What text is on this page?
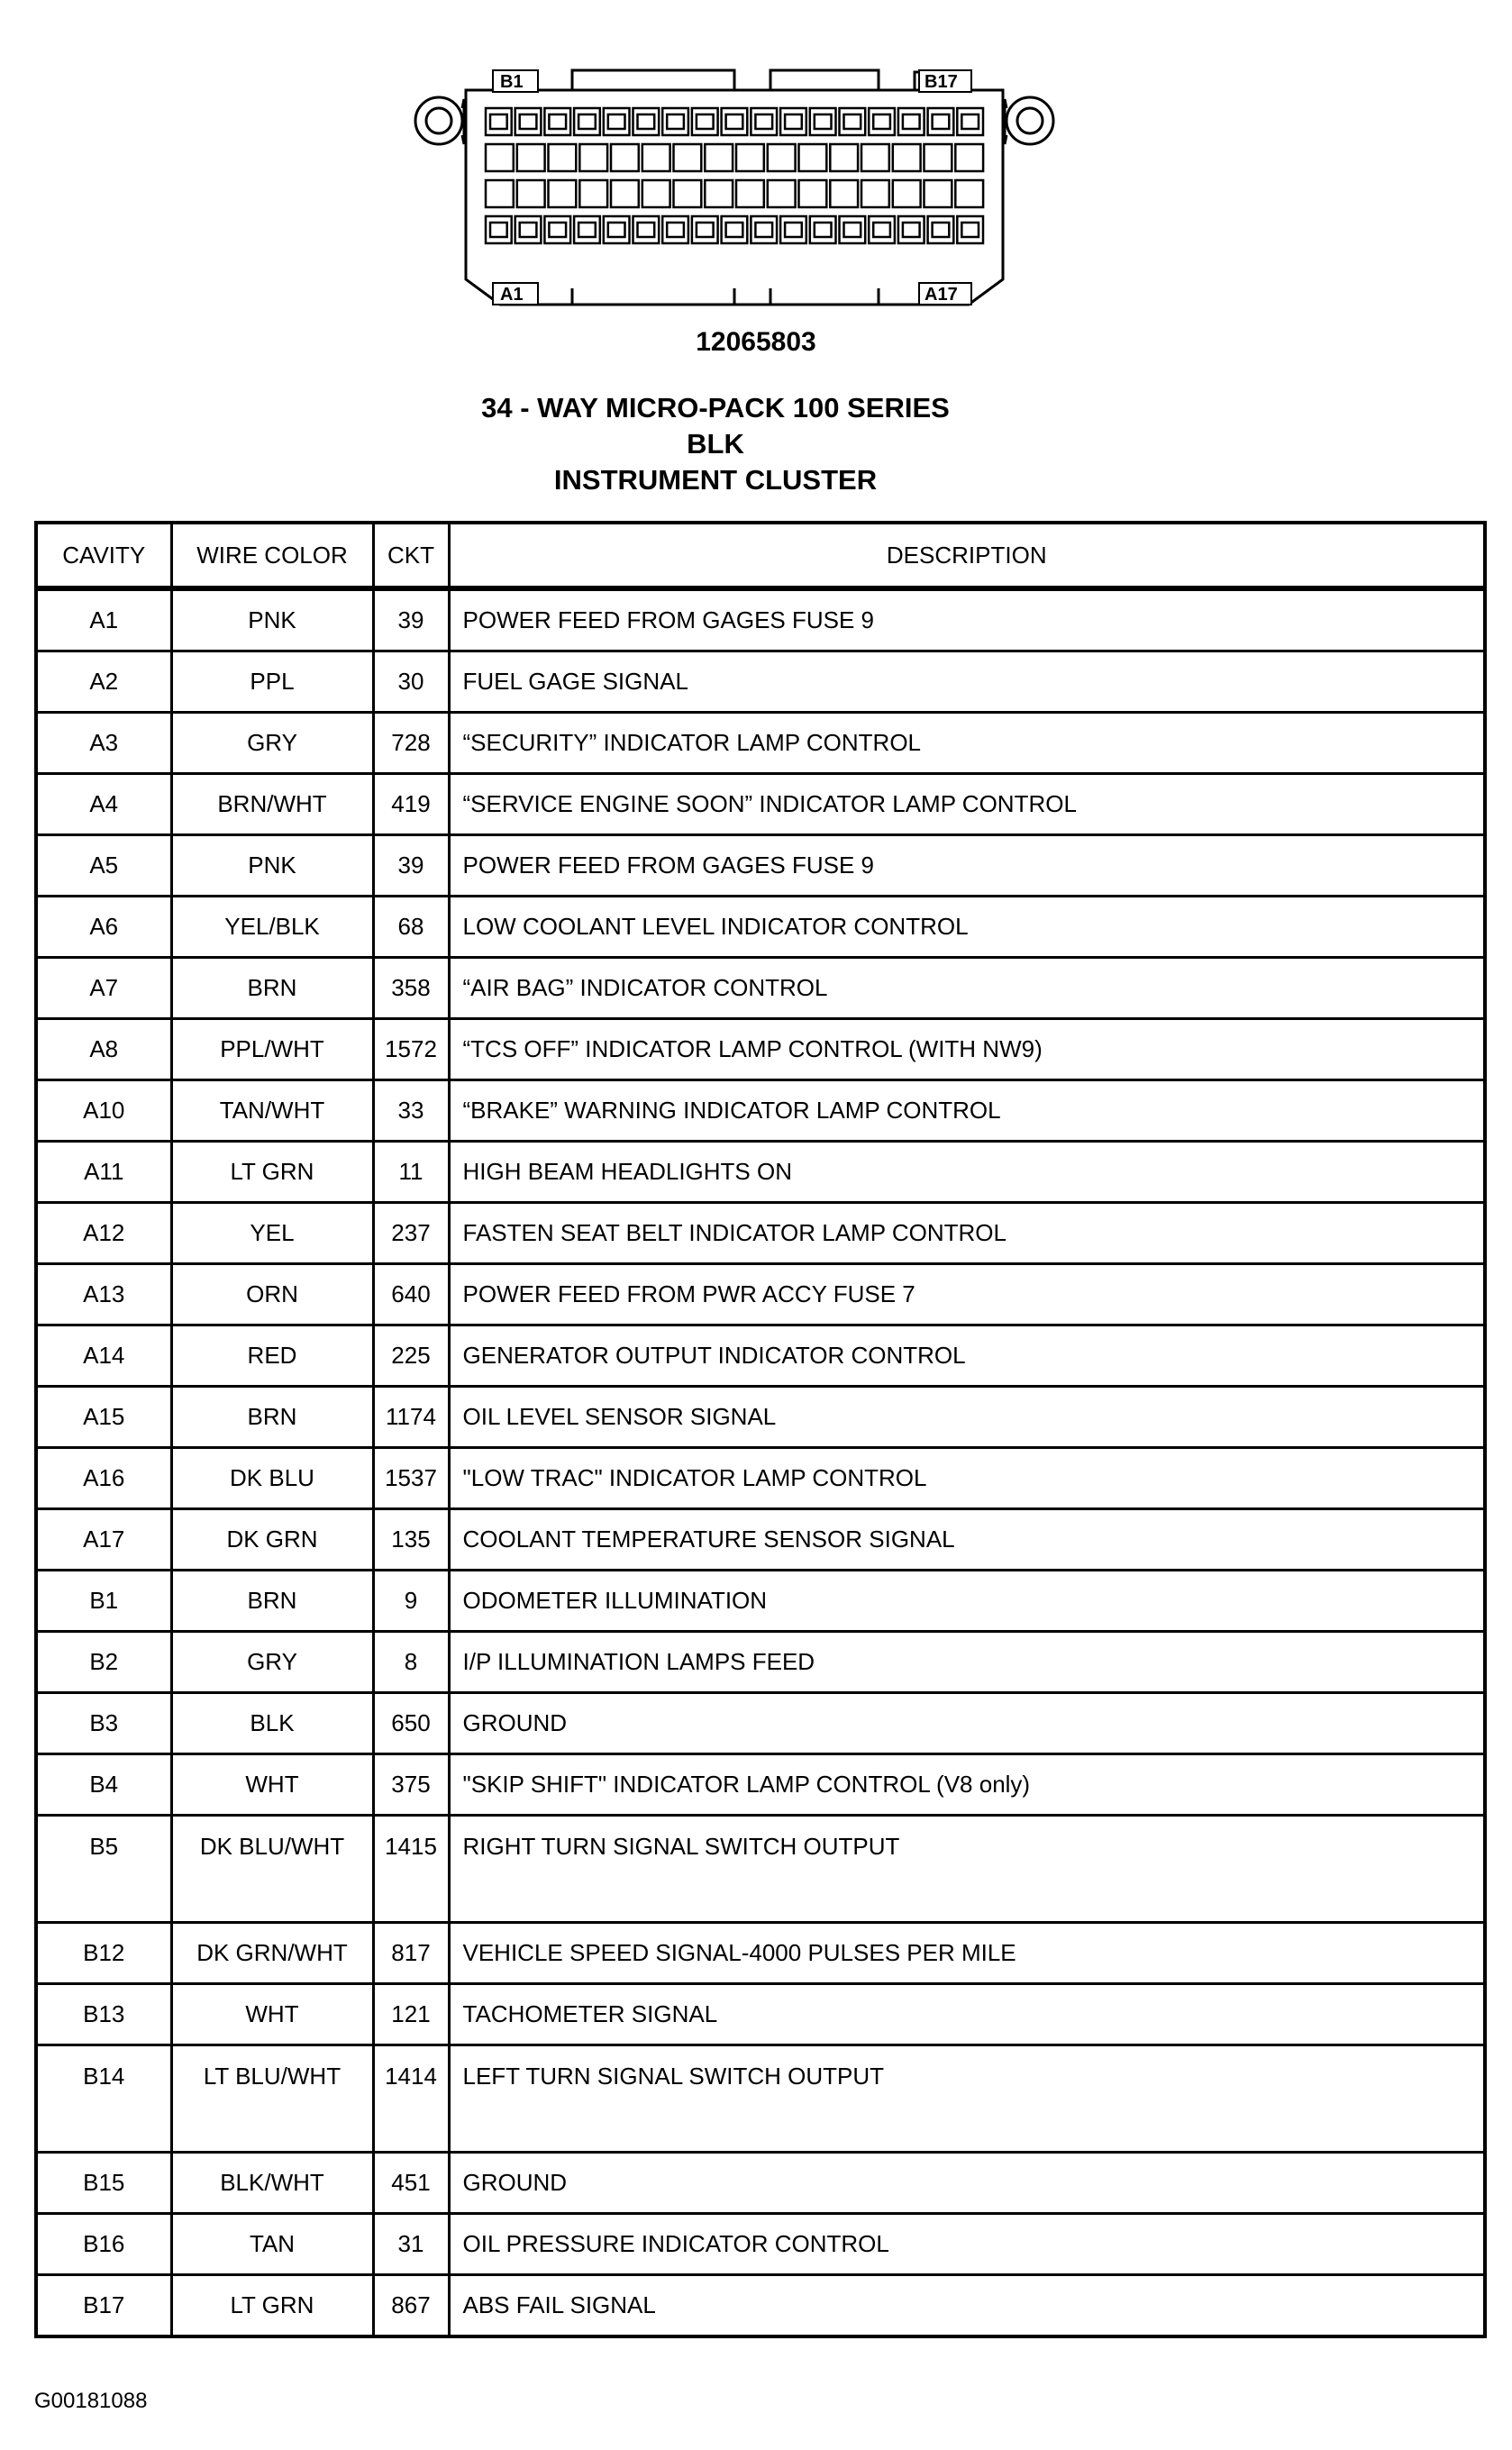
B1	B17
A1	A17
12065803
34 - WAY MICRO-PACK 100 SERIES
BLK
INSTRUMENT CLUSTER
CAVITY	WIRE COLOR	CKT	DESCRIPTION
A1	PNK	39	POWER FEED FROM GAGES FUSE 9
A2	PPL	30	FUEL GAGE SIGNAL
A3	GRY	728	“SECURITY” INDICATOR LAMP CONTROL
A4	BRN/WHT	419	“SERVICE ENGINE SOON” INDICATOR LAMP CONTROL
A5	PNK	39	POWER FEED FROM GAGES FUSE 9
A6	YEL/BLK	68	LOW COOLANT LEVEL INDICATOR CONTROL
A7	BRN	358	“AIR BAG” INDICATOR CONTROL
A8	PPL/WHT	1572	“TCS OFF” INDICATOR LAMP CONTROL (WITH NW9)
A10	TAN/WHT	33	“BRAKE” WARNING INDICATOR LAMP CONTROL
A11	LT GRN	11	HIGH BEAM HEADLIGHTS ON
A12	YEL	237	FASTEN SEAT BELT INDICATOR LAMP CONTROL
A13	ORN	640	POWER FEED FROM PWR ACCY FUSE 7
A14	RED	225	GENERATOR OUTPUT INDICATOR CONTROL
A15	BRN	1174	OIL LEVEL SENSOR SIGNAL
A16	DK BLU	1537	"LOW TRAC" INDICATOR LAMP CONTROL
A17	DK GRN	135	COOLANT TEMPERATURE SENSOR SIGNAL
B1	BRN	9	ODOMETER ILLUMINATION
B2	GRY	8	I/P ILLUMINATION LAMPS FEED
B3	BLK	650	GROUND
B4	WHT	375	"SKIP SHIFT" INDICATOR LAMP CONTROL (V8 only)
B5	DK BLU/WHT	1415	RIGHT TURN SIGNAL SWITCH OUTPUT
B12	DK GRN/WHT	817	VEHICLE SPEED SIGNAL-4000 PULSES PER MILE
B13	WHT	121	TACHOMETER SIGNAL
B14	LT BLU/WHT	1414	LEFT TURN SIGNAL SWITCH OUTPUT
B15	BLK/WHT	451	GROUND
B16	TAN	31	OIL PRESSURE INDICATOR CONTROL
B17	LT GRN	867	ABS FAIL SIGNAL
G00181088
